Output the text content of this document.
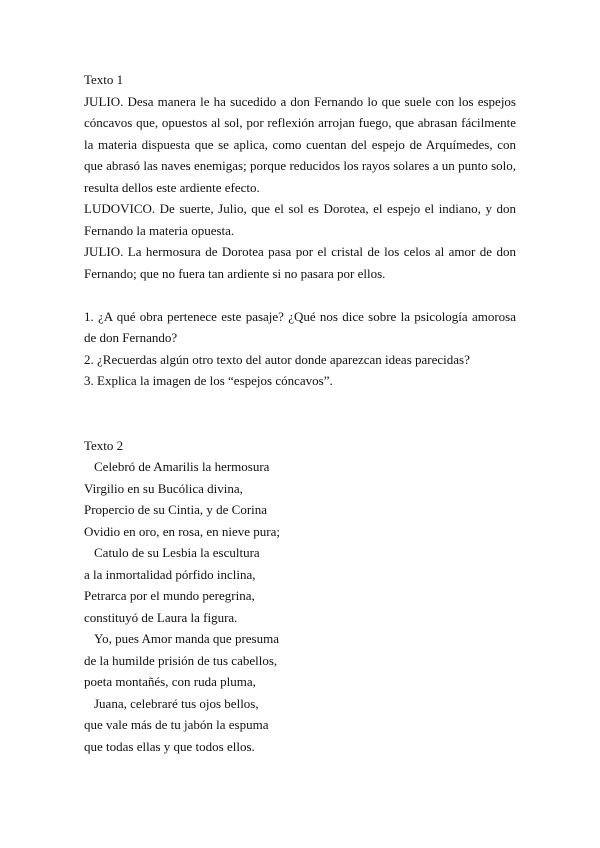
Texto 1
JULIO. Desa manera le ha sucedido a don Fernando lo que suele con los espejos cóncavos que, opuestos al sol, por reflexión arrojan fuego, que abrasan fácilmente la materia dispuesta que se aplica, como cuentan del espejo de Arquímedes, con que abrasó las naves enemigas; porque reducidos los rayos solares a un punto solo, resulta dellos este ardiente efecto.
LUDOVICO. De suerte, Julio, que el sol es Dorotea, el espejo el indiano, y don Fernando la materia opuesta.
JULIO. La hermosura de Dorotea pasa por el cristal de los celos al amor de don Fernando; que no fuera tan ardiente si no pasara por ellos.
1. ¿A qué obra pertenece este pasaje? ¿Qué nos dice sobre la psicología amorosa de don Fernando?
2. ¿Recuerdas algún otro texto del autor donde aparezcan ideas parecidas?
3. Explica la imagen de los “espejos cóncavos”.
Texto 2
Celebró de Amarilis la hermosura
Virgilio en su Bucólica divina,
Propercio de su Cintia, y de Corina
Ovidio en oro, en rosa, en nieve pura;
Catulo de su Lesbia la escultura
a la inmortalidad pórfido inclina,
Petrarca por el mundo peregrina,
constituyó de Laura la figura.
Yo, pues Amor manda que presuma
de la humilde prisión de tus cabellos,
poeta montañés, con ruda pluma,
Juana, celebraré tus ojos bellos,
que vale más de tu jabón la espuma
que todas ellas y que todos ellos.
